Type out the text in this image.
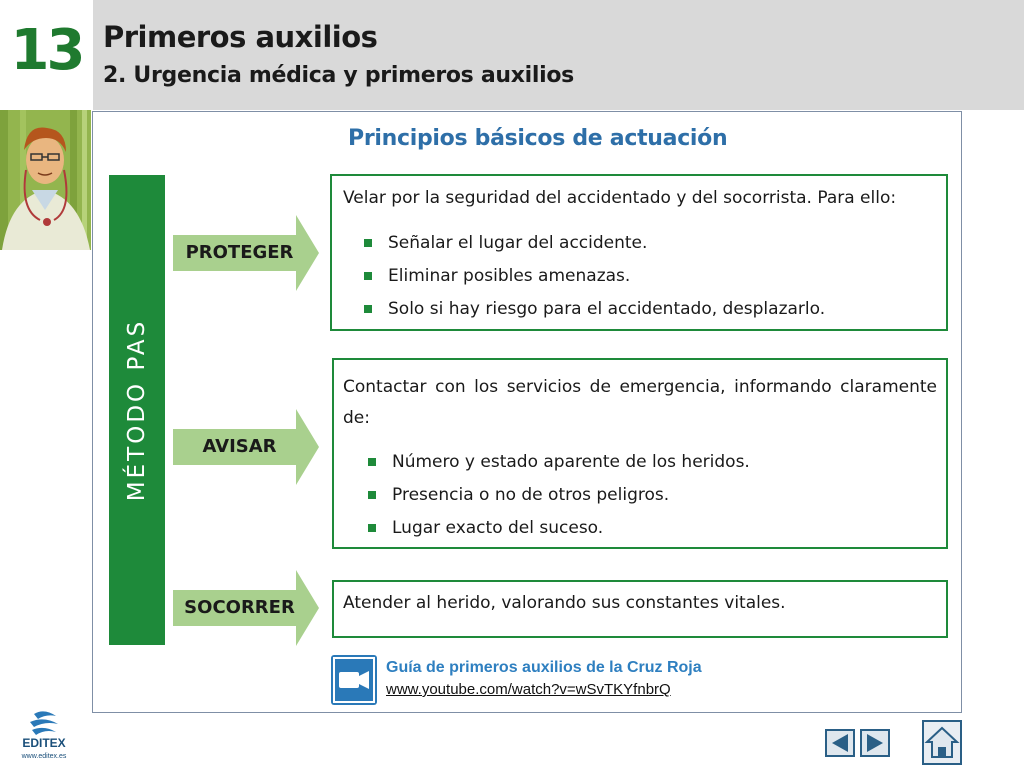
13 Primeros auxilios
2. Urgencia médica y primeros auxilios
Principios básicos de actuación
MÉTODO PAS
PROTEGER
AVISAR
SOCORRER

Velar por la seguridad del accidentado y del socorrista. Para ello:

Señalar el lugar del accidente.
Eliminar posibles amenazas.
Solo si hay riesgo para el accidentado, desplazarlo.

Contactar con los servicios de emergencia, informando claramente de:

Número y estado aparente de los heridos.
Presencia o no de otros peligros.
Lugar exacto del suceso.

Atender al herido, valorando sus constantes vitales.

Guía de primeros auxilios de la Cruz Roja
www.youtube.com/watch?v=wSvTKYfnbrQ
EDITEX
www.editex.es
